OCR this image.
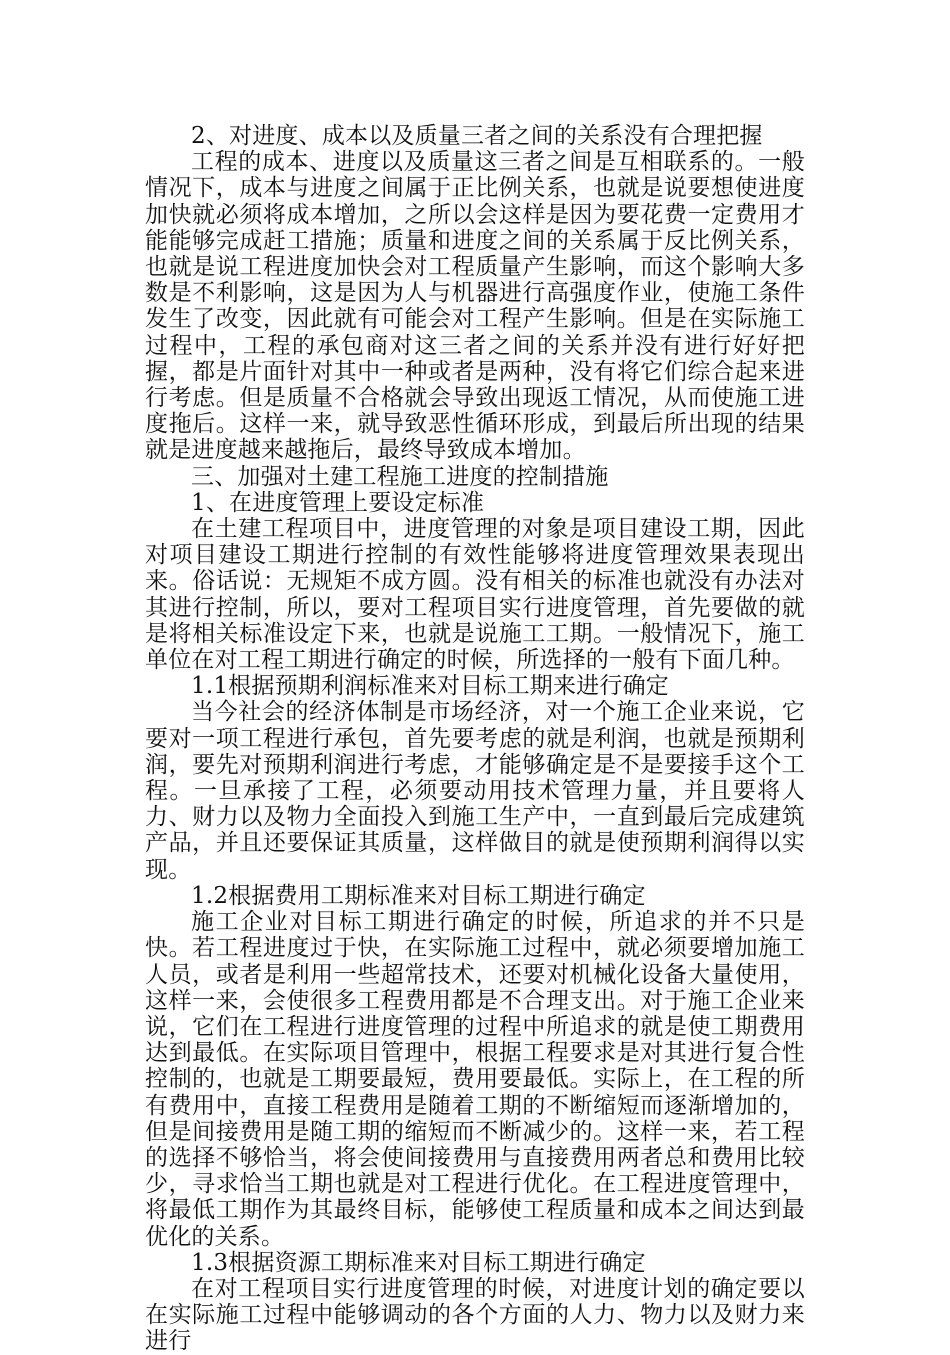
2、对进度、成本以及质量三者之间的关系没有合理把握

工程的成本、进度以及质量这三者之间是互相联系的。一般情况下，成本与进度之间属于正比例关系，也就是说要想使进度加快就必须将成本增加，之所以会这样是因为要花费一定费用才能能够完成赶工措施；质量和进度之间的关系属于反比例关系，也就是说工程进度加快会对工程质量产生影响，而这个影响大多数是不利影响，这是因为人与机器进行高强度作业，使施工条件发生了改变，因此就有可能会对工程产生影响。但是在实际施工过程中，工程的承包商对这三者之间的关系并没有进行好好把握，都是片面针对其中一种或者是两种，没有将它们综合起来进行考虑。但是质量不合格就会导致出现返工情况，从而使施工进度拖后。这样一来，就导致恶性循环形成，到最后所出现的结果就是进度越来越拖后，最终导致成本增加。

三、加强对土建工程施工进度的控制措施

1、在进度管理上要设定标准

在土建工程项目中，进度管理的对象是项目建设工期，因此对项目建设工期进行控制的有效性能够将进度管理效果表现出来。俗话说：无规矩不成方圆。没有相关的标准也就没有办法对其进行控制，所以，要对工程项目实行进度管理，首先要做的就是将相关标准设定下来，也就是说施工工期。一般情况下，施工单位在对工程工期进行确定的时候，所选择的一般有下面几种。

1.1根据预期利润标准来对目标工期来进行确定

当今社会的经济体制是市场经济，对一个施工企业来说，它要对一项工程进行承包，首先要考虑的就是利润，也就是预期利润，要先对预期利润进行考虑，才能够确定是不是要接手这个工程。一旦承接了工程，必须要动用技术管理力量，并且要将人力、财力以及物力全面投入到施工生产中，一直到最后完成建筑产品，并且还要保证其质量，这样做目的就是使预期利润得以实现。

1.2根据费用工期标准来对目标工期进行确定

施工企业对目标工期进行确定的时候，所追求的并不只是快。若工程进度过于快，在实际施工过程中，就必须要增加施工人员，或者是利用一些超常技术，还要对机械化设备大量使用，这样一来，会使很多工程费用都是不合理支出。对于施工企业来说，它们在工程进行进度管理的过程中所追求的就是使工期费用达到最低。在实际项目管理中，根据工程要求是对其进行复合性控制的，也就是工期要最短，费用要最低。实际上，在工程的所有费用中，直接工程费用是随着工期的不断缩短而逐渐增加的，但是间接费用是随工期的缩短而不断减少的。这样一来，若工程的选择不够恰当，将会使间接费用与直接费用两者总和费用比较少，寻求恰当工期也就是对工程进行优化。在工程进度管理中，将最低工期作为其最终目标，能够使工程质量和成本之间达到最优化的关系。

1.3根据资源工期标准来对目标工期进行确定

在对工程项目实行进度管理的时候，对进度计划的确定要以在实际施工过程中能够调动的各个方面的人力、物力以及财力来进行
